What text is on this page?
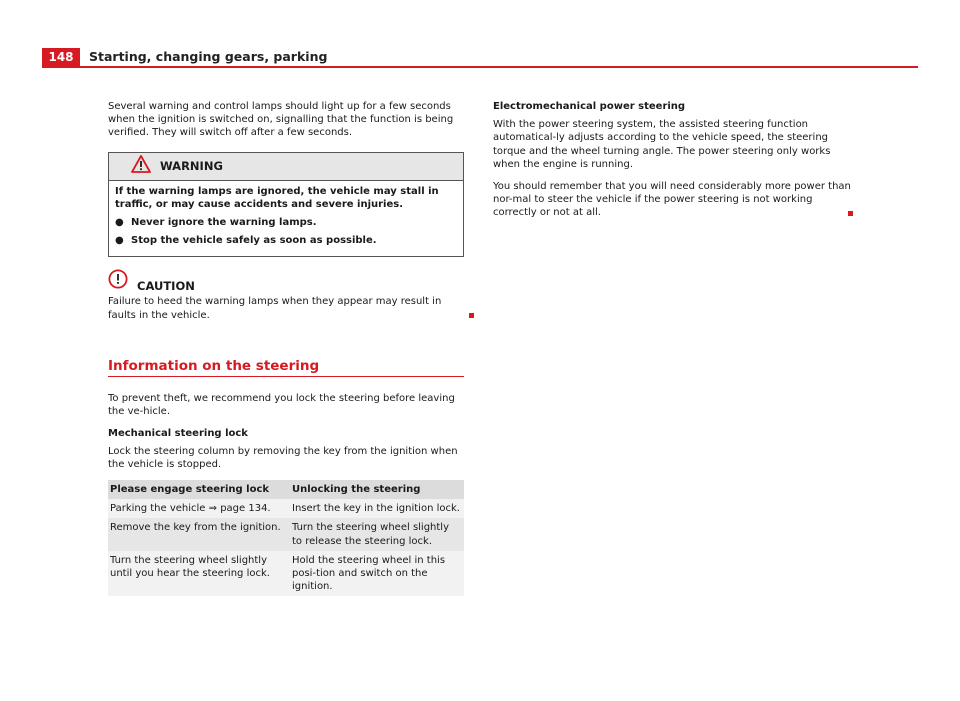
148	Starting, changing gears, parking

Several warning and control lamps should light up for a few seconds when the ignition is switched on, signalling that the function is being verified. They will switch off after a few seconds.

WARNING

If the warning lamps are ignored, the vehicle may stall in traffic, or may cause accidents and severe injuries.

● Never ignore the warning lamps.
● Stop the vehicle safely as soon as possible.
CAUTION

Failure to heed the warning lamps when they appear may result in faults in the vehicle.

Information on the steering

To prevent theft, we recommend you lock the steering before leaving the ve-hicle.

Mechanical steering lock

Lock the steering column by removing the key from the ignition when the vehicle is stopped.

Please engage steering lock	Unlocking the steering
Parking the vehicle ⇒ page 134.	Insert the key in the ignition lock.
Remove the key from the ignition.	Turn the steering wheel slightly to release the steering lock.
Turn the steering wheel slightly until you hear the steering lock.	Hold the steering wheel in this posi-tion and switch on the ignition.

Electromechanical power steering

With the power steering system, the assisted steering function automatical-ly adjusts according to the vehicle speed, the steering torque and the wheel turning angle. The power steering only works when the engine is running.

You should remember that you will need considerably more power than nor-mal to steer the vehicle if the power steering is not working correctly or not at all.
